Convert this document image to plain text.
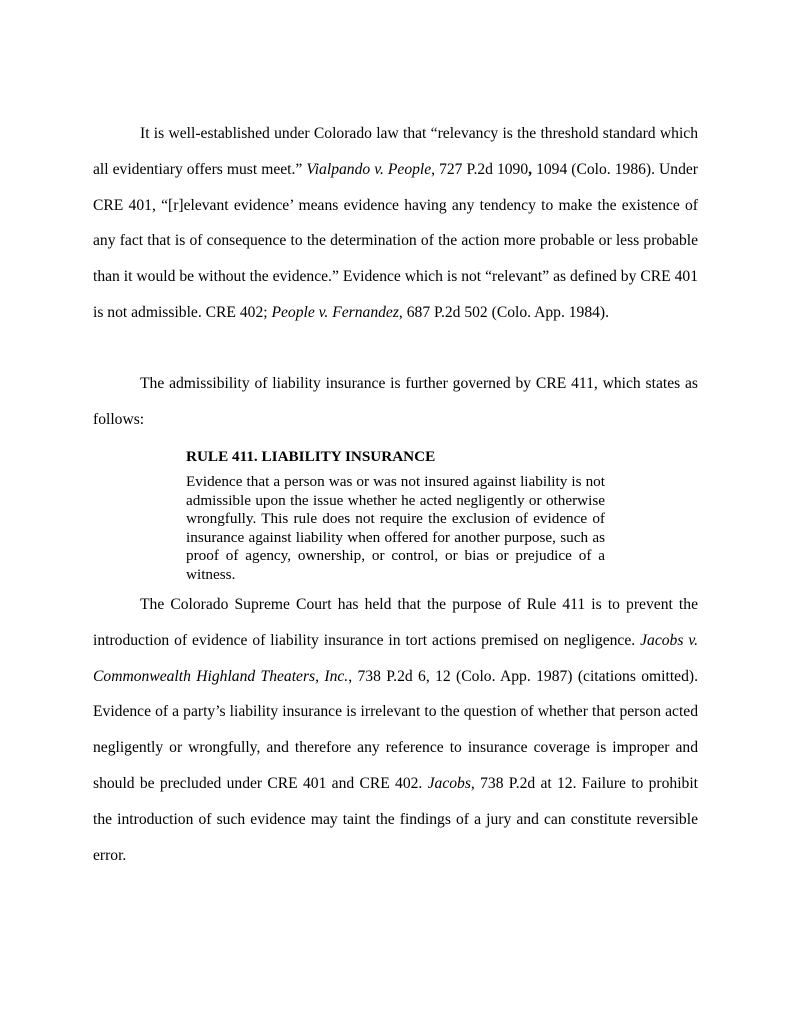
It is well-established under Colorado law that “relevancy is the threshold standard which all evidentiary offers must meet.” Vialpando v. People, 727 P.2d 1090, 1094 (Colo. 1986). Under CRE 401, “[r]elevant evidence’ means evidence having any tendency to make the existence of any fact that is of consequence to the determination of the action more probable or less probable than it would be without the evidence.” Evidence which is not “relevant” as defined by CRE 401 is not admissible. CRE 402; People v. Fernandez, 687 P.2d 502 (Colo. App. 1984).

The admissibility of liability insurance is further governed by CRE 411, which states as follows:

RULE 411. LIABILITY INSURANCE

Evidence that a person was or was not insured against liability is not admissible upon the issue whether he acted negligently or otherwise wrongfully. This rule does not require the exclusion of evidence of insurance against liability when offered for another purpose, such as proof of agency, ownership, or control, or bias or prejudice of a witness.

The Colorado Supreme Court has held that the purpose of Rule 411 is to prevent the introduction of evidence of liability insurance in tort actions premised on negligence. Jacobs v. Commonwealth Highland Theaters, Inc., 738 P.2d 6, 12 (Colo. App. 1987) (citations omitted). Evidence of a party’s liability insurance is irrelevant to the question of whether that person acted negligently or wrongfully, and therefore any reference to insurance coverage is improper and should be precluded under CRE 401 and CRE 402. Jacobs, 738 P.2d at 12. Failure to prohibit the introduction of such evidence may taint the findings of a jury and can constitute reversible error.
